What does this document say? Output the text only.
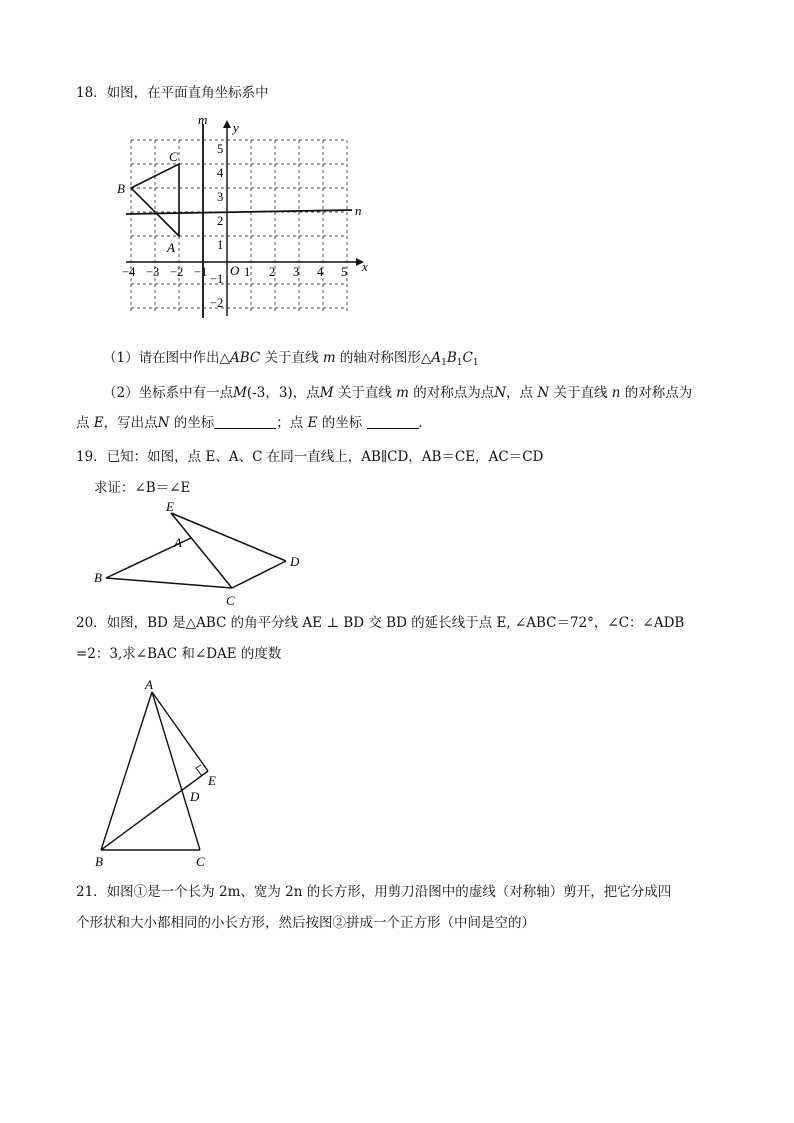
18．如图，在平面直角坐标系中
m
y
x
n
O
C
B
A
5
4
3
2
1
−1
−2
−4 −3 −2 −1	1 2 3 4 5
（1）请在图中作出△ABC 关于直线 m 的轴对称图形$\triangle A_1B_1C_1$
（2）坐标系中有一点M(-3，3)，点M 关于直线 m 的对称点为点N，点 N 关于直线 n 的对称点为
点 E，写出点N 的坐标	；点 E 的坐标	．
19．已知：如图，点 E、A、C 在同一直线上，AB∥CD，AB＝CE，AC＝CD
求证：∠B＝∠E
E
A
B
C
D
20．如图，BD 是△ABC 的角平分线 AE ⊥ BD 交 BD 的延长线于点 E, ∠ABC＝72°，∠C：∠ADB
=2：3,求∠BAC 和∠DAE 的度数
A
E
D
B	C
21．如图①是一个长为 2m、宽为 2n 的长方形，用剪刀沿图中的虚线（对称轴）剪开，把它分成四
个形状和大小都相同的小长方形，然后按图②拼成一个正方形（中间是空的）
